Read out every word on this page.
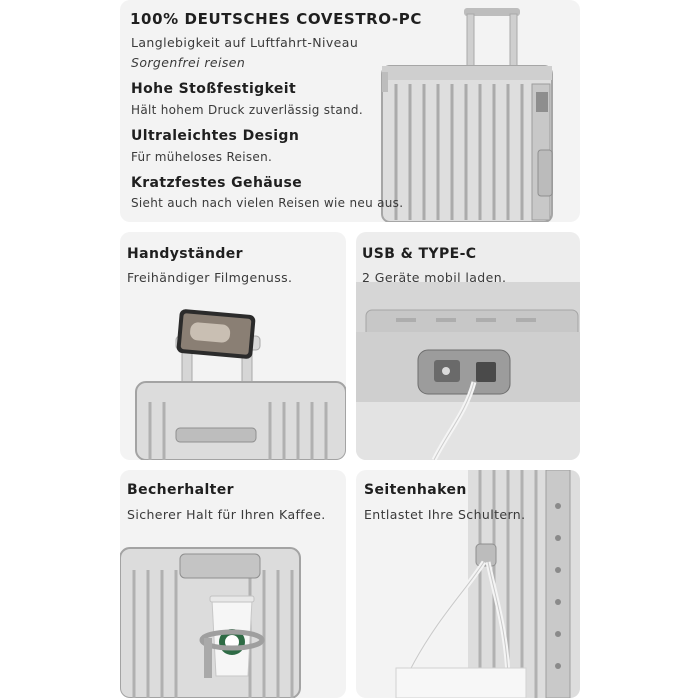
100% DEUTSCHES COVESTRO-PC
Langlebigkeit auf Luftfahrt-Niveau
Sorgenfrei reisen
Hohe Stoßfestigkeit
Hält hohem Druck zuverlässig stand.
Ultraleichtes Design
Für müheloses Reisen.
Kratzfestes Gehäuse
Sieht auch nach vielen Reisen wie neu aus.
Handyständer
Freihändiger Filmgenuss.
USB & TYPE-C
2 Geräte mobil laden.
Becherhalter
Sicherer Halt für Ihren Kaffee.
Seitenhaken
Entlastet Ihre Schultern.
